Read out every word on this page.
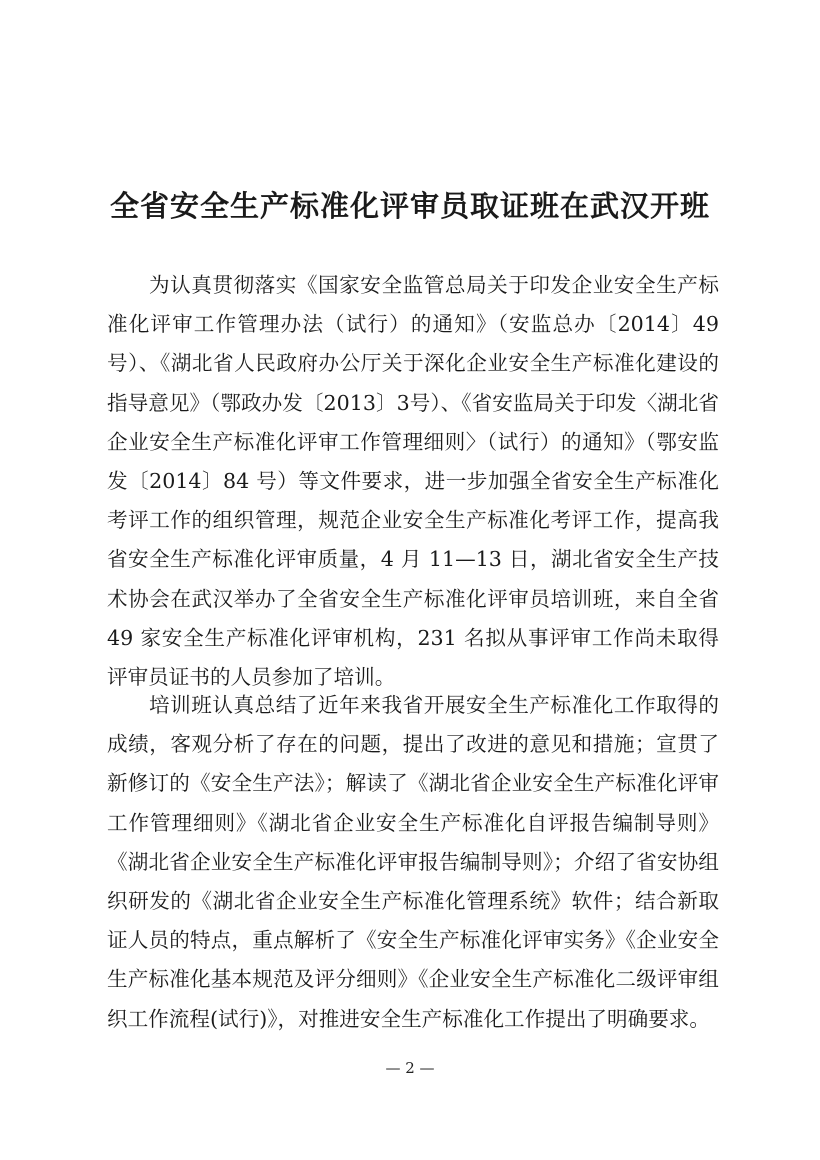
全省安全生产标准化评审员取证班在武汉开班

为认真贯彻落实《国家安全监管总局关于印发企业安全生产标准化评审工作管理办法（试行）的通知》（安监总办〔2014〕49号）、《湖北省人民政府办公厅关于深化企业安全生产标准化建设的指导意见》（鄂政办发〔2013〕3号）、《省安监局关于印发〈湖北省企业安全生产标准化评审工作管理细则〉（试行）的通知》（鄂安监发〔2014〕84 号）等文件要求，进一步加强全省安全生产标准化考评工作的组织管理，规范企业安全生产标准化考评工作，提高我省安全生产标准化评审质量，4 月 11—13 日，湖北省安全生产技术协会在武汉举办了全省安全生产标准化评审员培训班，来自全省 49 家安全生产标准化评审机构，231 名拟从事评审工作尚未取得评审员证书的人员参加了培训。

培训班认真总结了近年来我省开展安全生产标准化工作取得的成绩，客观分析了存在的问题，提出了改进的意见和措施；宣贯了新修订的《安全生产法》；解读了《湖北省企业安全生产标准化评审工作管理细则》《湖北省企业安全生产标准化自评报告编制导则》《湖北省企业安全生产标准化评审报告编制导则》；介绍了省安协组织研发的《湖北省企业安全生产标准化管理系统》软件；结合新取证人员的特点，重点解析了《安全生产标准化评审实务》《企业安全生产标准化基本规范及评分细则》《企业安全生产标准化二级评审组织工作流程(试行)》，对推进安全生产标准化工作提出了明确要求。

— 2 —
